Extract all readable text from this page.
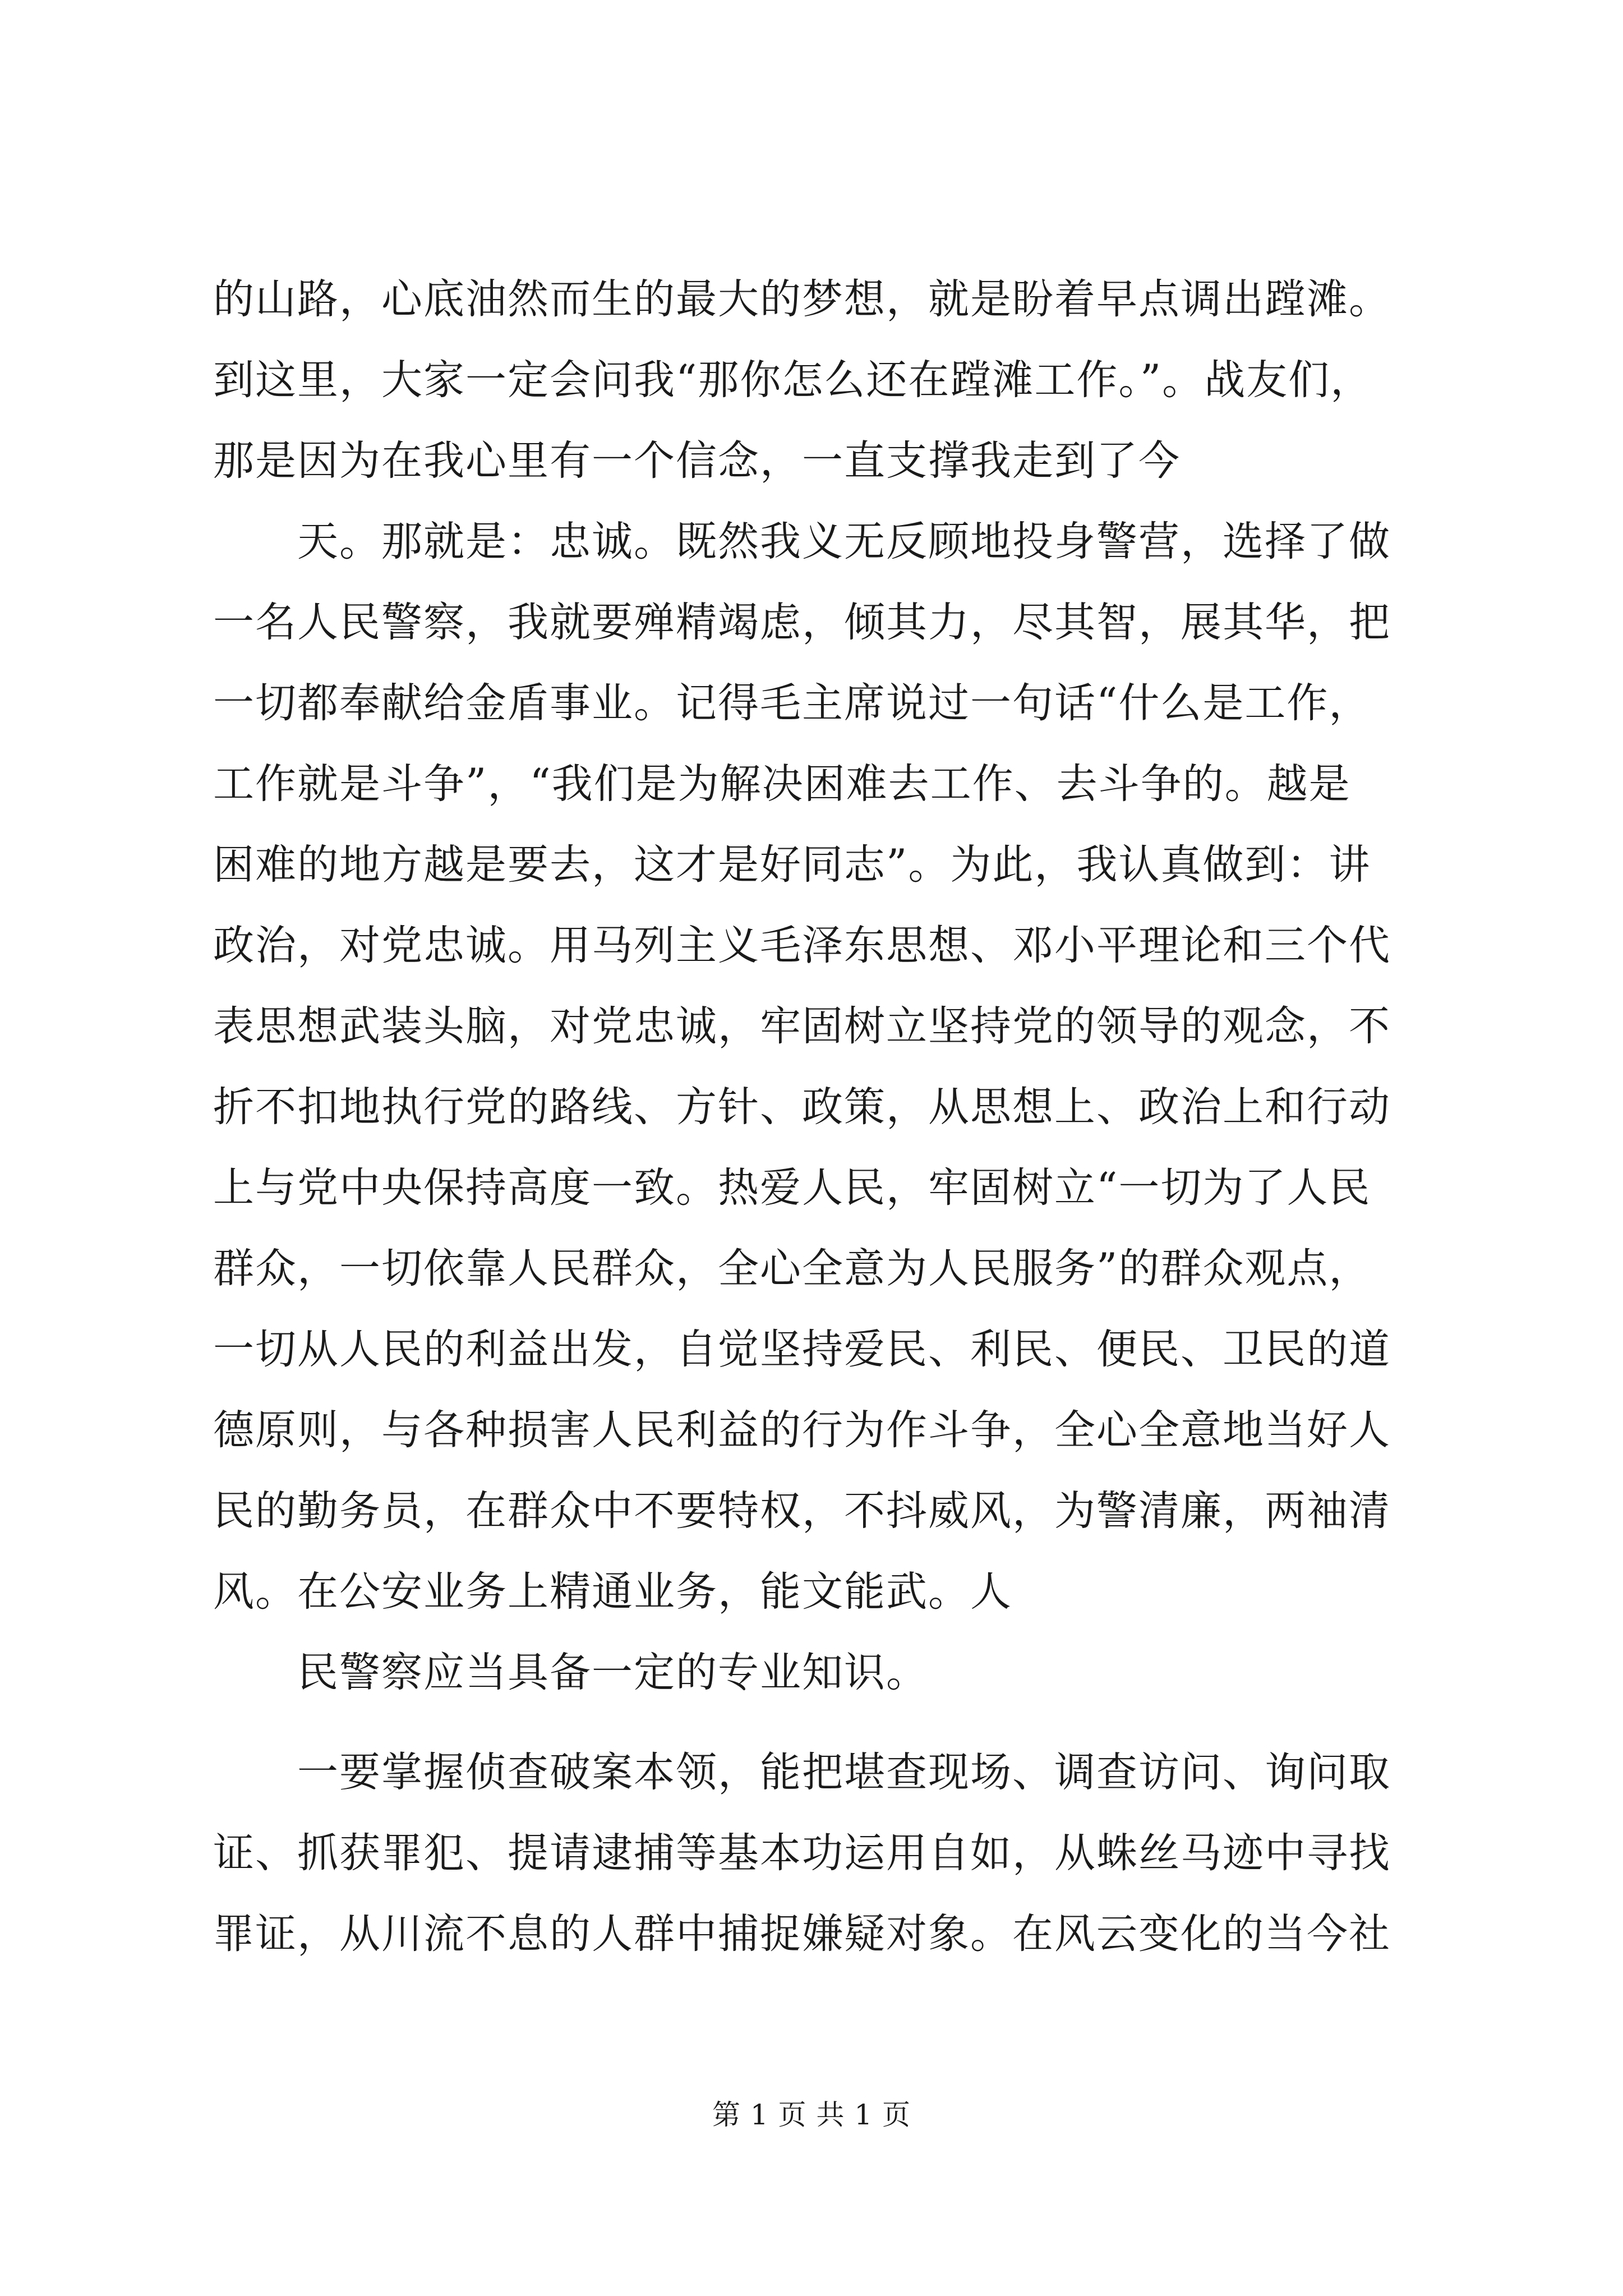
的山路，心底油然而生的最大的梦想，就是盼着早点调出蹚滩。
到这里，大家一定会问我“那你怎么还在蹚滩工作。”。战友们，
那是因为在我心里有一个信念，一直支撑我走到了今
天。那就是：忠诚。既然我义无反顾地投身警营，选择了做
一名人民警察，我就要殚精竭虑，倾其力，尽其智，展其华，把
一切都奉献给金盾事业。记得毛主席说过一句话“什么是工作，
工作就是斗争”，“我们是为解决困难去工作、去斗争的。越是
困难的地方越是要去，这才是好同志”。为此，我认真做到：讲
政治，对党忠诚。用马列主义毛泽东思想、邓小平理论和三个代
表思想武装头脑，对党忠诚，牢固树立坚持党的领导的观念，不
折不扣地执行党的路线、方针、政策，从思想上、政治上和行动
上与党中央保持高度一致。热爱人民，牢固树立“一切为了人民
群众，一切依靠人民群众，全心全意为人民服务”的群众观点，
一切从人民的利益出发，自觉坚持爱民、利民、便民、卫民的道
德原则，与各种损害人民利益的行为作斗争，全心全意地当好人
民的勤务员，在群众中不要特权，不抖威风，为警清廉，两袖清
风。在公安业务上精通业务，能文能武。人
民警察应当具备一定的专业知识。
一要掌握侦查破案本领，能把堪查现场、调查访问、询问取
证、抓获罪犯、提请逮捕等基本功运用自如，从蛛丝马迹中寻找
罪证，从川流不息的人群中捕捉嫌疑对象。在风云变化的当今社
第 1 页 共 1 页
